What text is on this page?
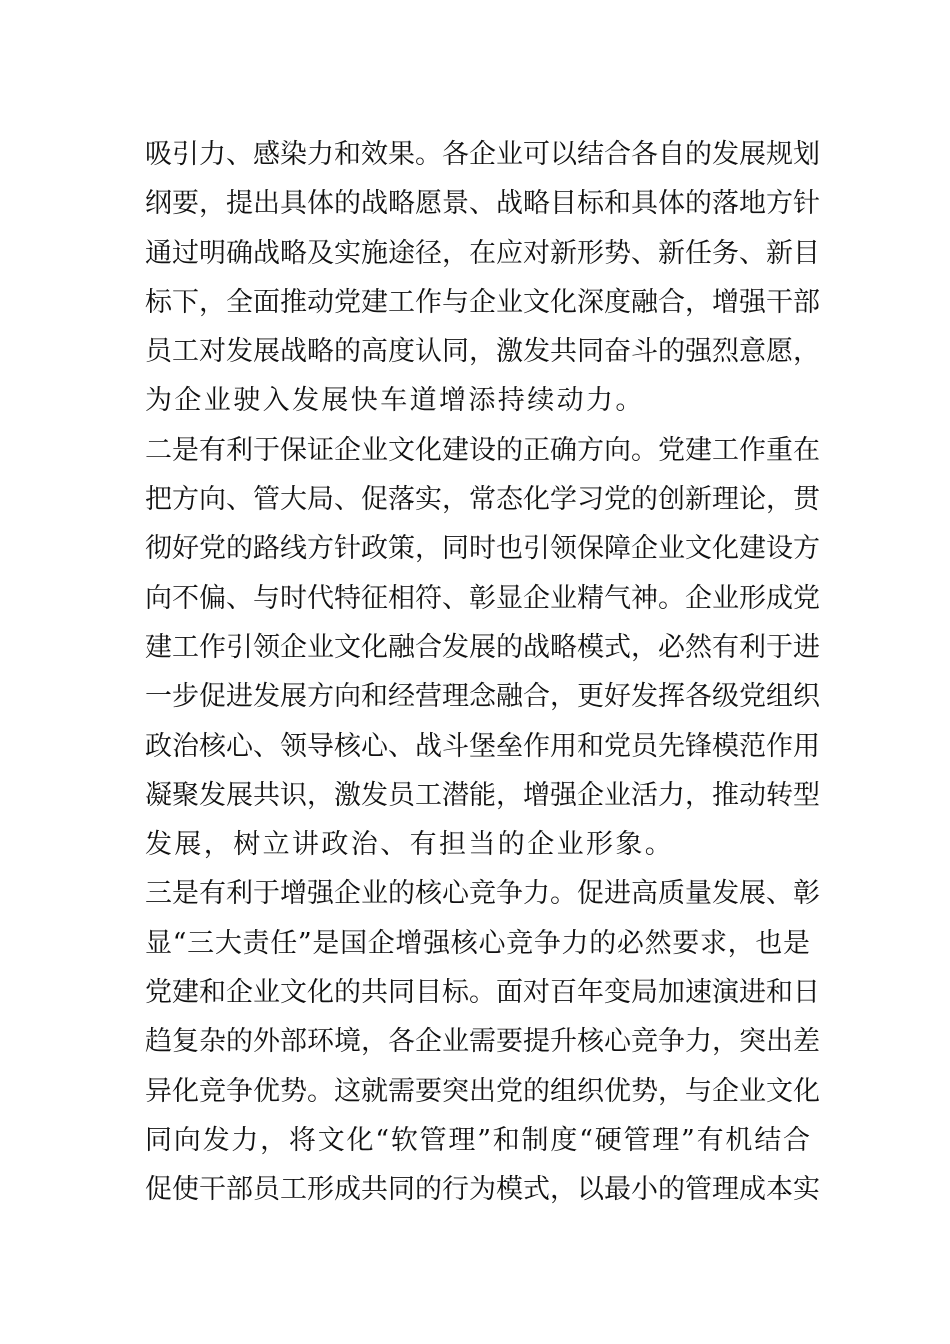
吸引力、感染力和效果。各企业可以结合各自的发展规划
纲要，提出具体的战略愿景、战略目标和具体的落地方针
通过明确战略及实施途径，在应对新形势、新任务、新目
标下，全面推动党建工作与企业文化深度融合，增强干部
员工对发展战略的高度认同，激发共同奋斗的强烈意愿，
为企业驶入发展快车道增添持续动力。
二是有利于保证企业文化建设的正确方向。党建工作重在
把方向、管大局、促落实，常态化学习党的创新理论，贯
彻好党的路线方针政策，同时也引领保障企业文化建设方
向不偏、与时代特征相符、彰显企业精气神。企业形成党
建工作引领企业文化融合发展的战略模式，必然有利于进
一步促进发展方向和经营理念融合，更好发挥各级党组织
政治核心、领导核心、战斗堡垒作用和党员先锋模范作用
凝聚发展共识，激发员工潜能，增强企业活力，推动转型
发展，树立讲政治、有担当的企业形象。
三是有利于增强企业的核心竞争力。促进高质量发展、彰
显“三大责任”是国企增强核心竞争力的必然要求，也是
党建和企业文化的共同目标。面对百年变局加速演进和日
趋复杂的外部环境，各企业需要提升核心竞争力，突出差
异化竞争优势。这就需要突出党的组织优势，与企业文化
同向发力，将文化“软管理”和制度“硬管理”有机结合
促使干部员工形成共同的行为模式，以最小的管理成本实
